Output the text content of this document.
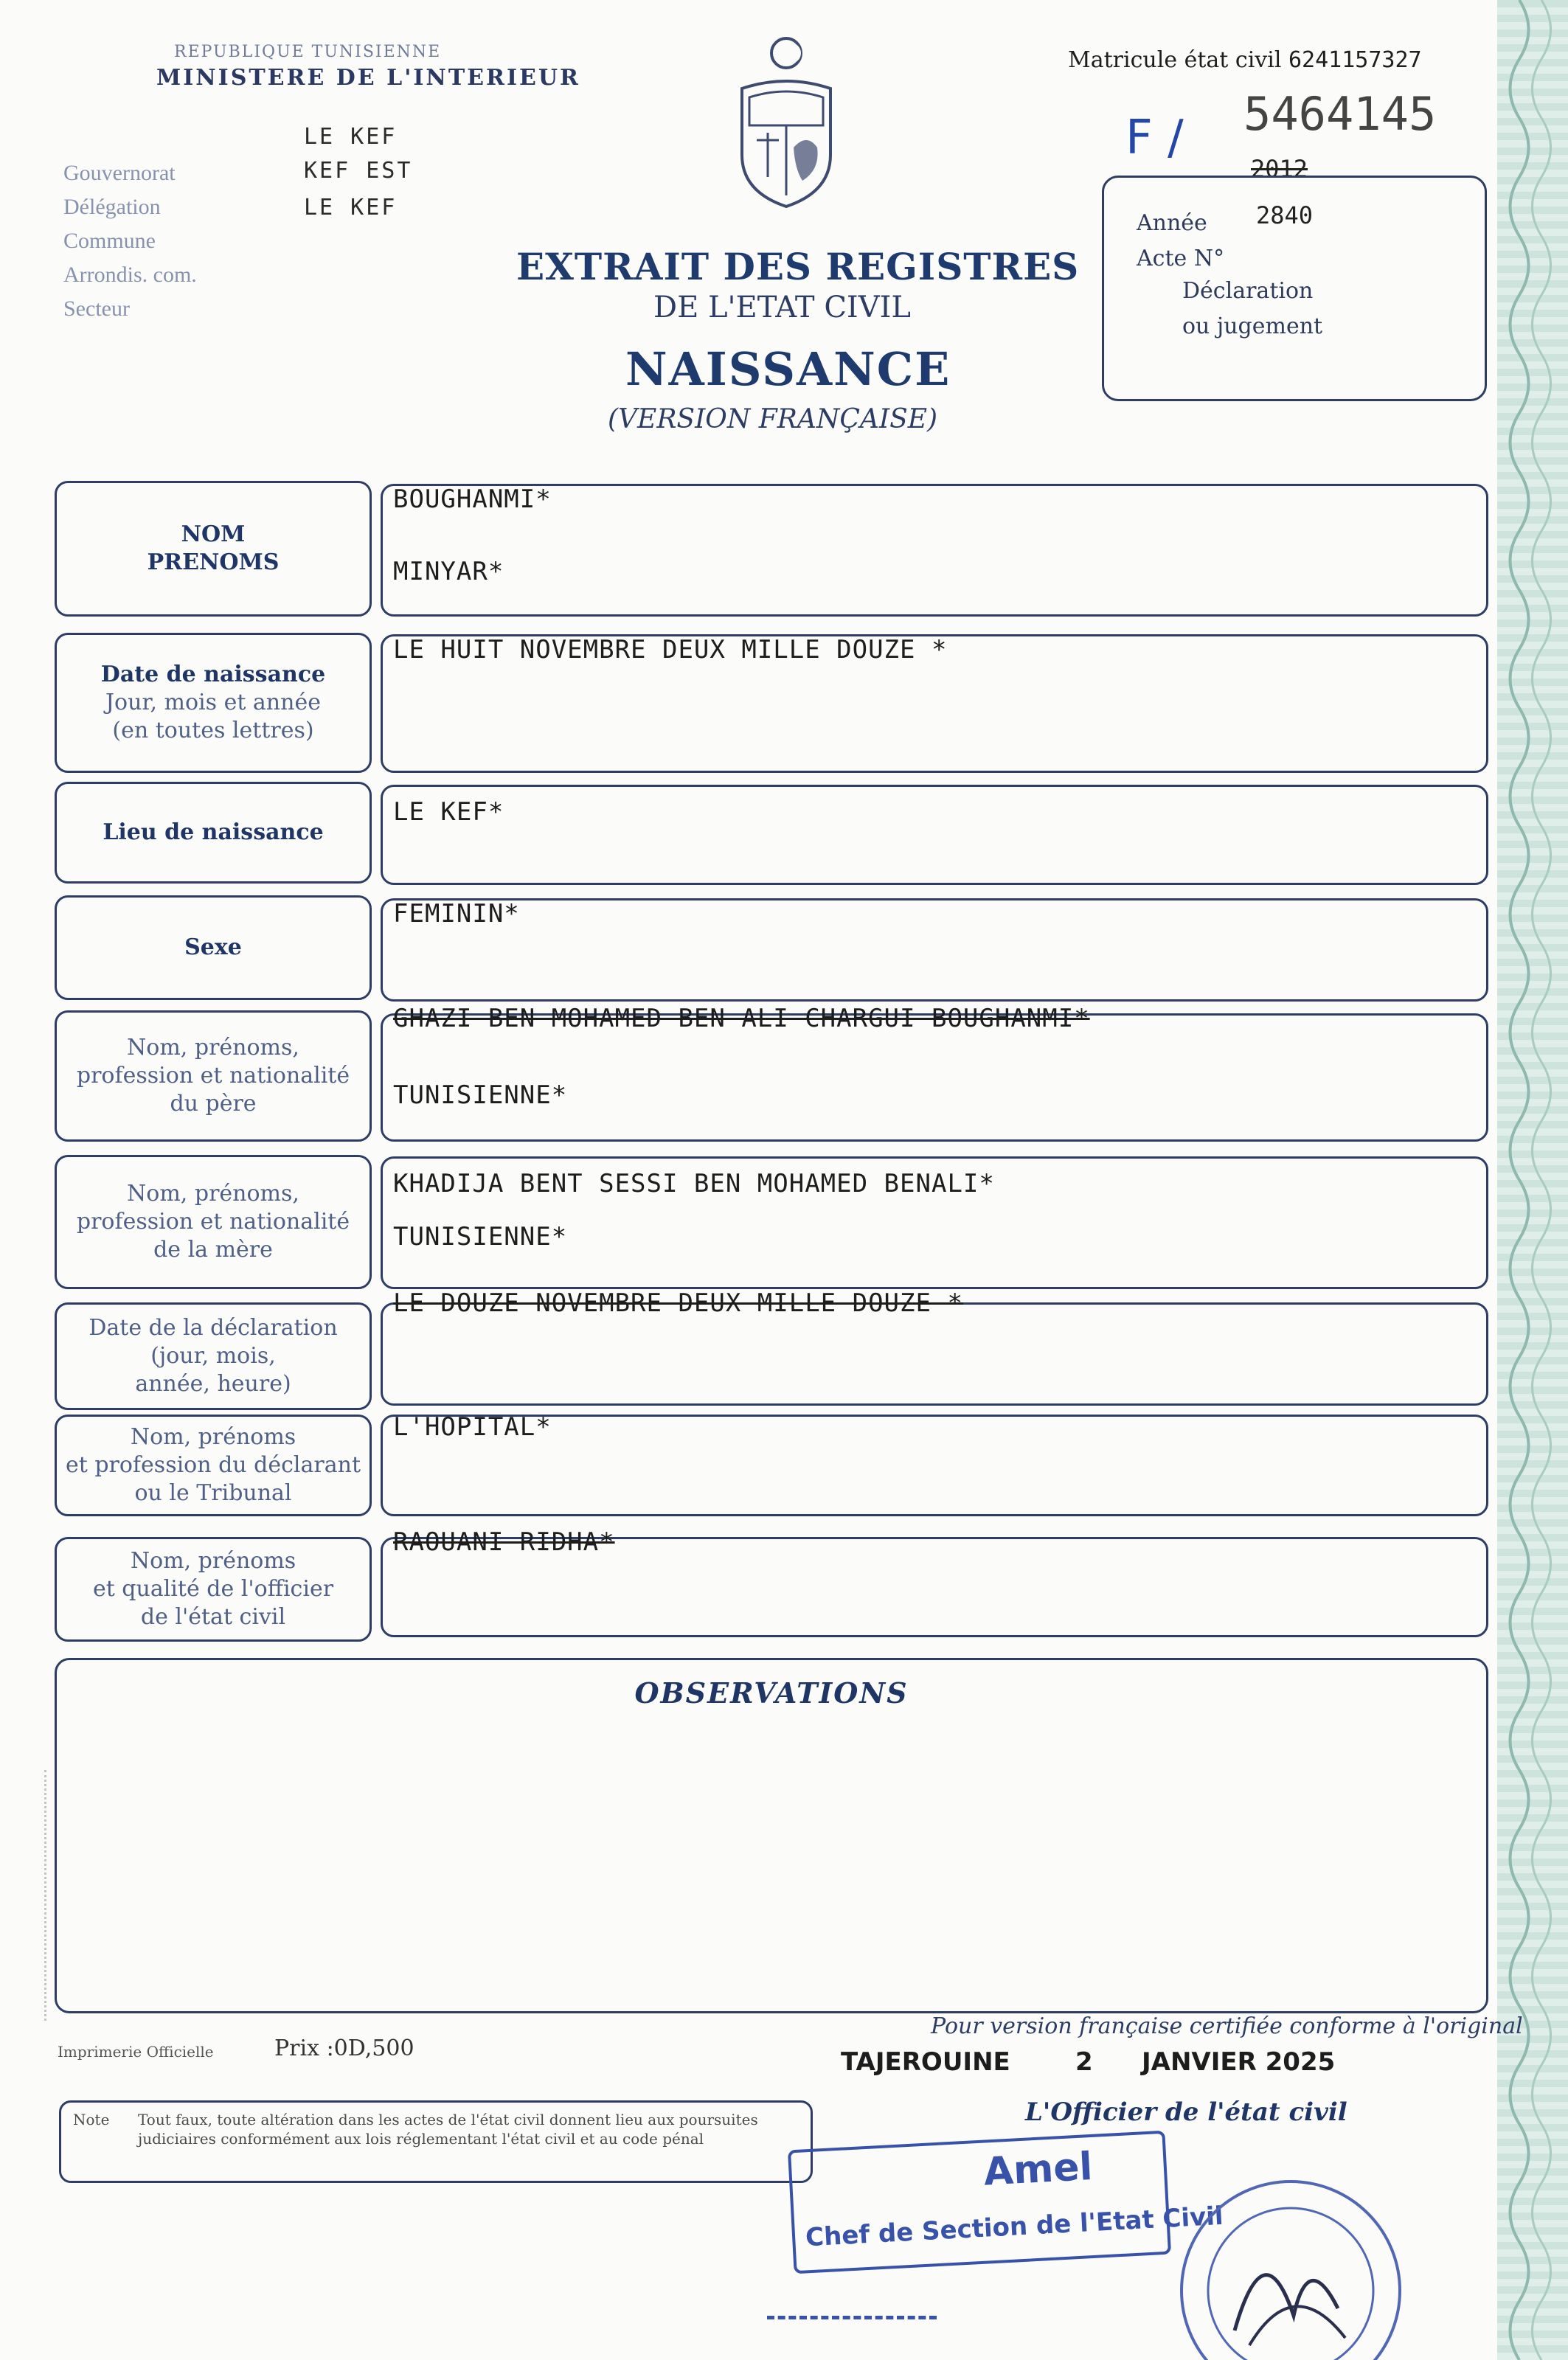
REPUBLIQUE TUNISIENNE
MINISTERE DE L'INTERIEUR
Gouvernorat
Délégation
Commune
Arrondis. com.
Secteur
LE KEF
KEF EST
LE KEF
Matricule état civil 6241157327
F / 5464145
2012
Année 2840
Acte N°
Déclaration
ou jugement
EXTRAIT DES REGISTRES
DE L'ETAT CIVIL
NAISSANCE
(VERSION FRANÇAISE)
NOM
PRENOMS
BOUGHANMI*
MINYAR*
Date de naissance
Jour, mois et année
(en toutes lettres)
LE HUIT NOVEMBRE DEUX MILLE DOUZE *
Lieu de naissance
LE KEF*
Sexe
FEMININ*
Nom, prénoms,
profession et nationalité
du père
GHAZI BEN MOHAMED BEN ALI CHARGUI BOUGHANMI*
TUNISIENNE*
Nom, prénoms,
profession et nationalité
de la mère
KHADIJA BENT SESSI BEN MOHAMED BENALI*
TUNISIENNE*
Date de la déclaration
(jour, mois,
année, heure)
LE DOUZE NOVEMBRE DEUX MILLE DOUZE *
Nom, prénoms
et profession du déclarant
ou le Tribunal
L'HOPITAL*
Nom, prénoms
et qualité de l'officier
de l'état civil
RAOUANI RIDHA*
OBSERVATIONS
Imprimerie Officielle	Prix :0D,500
Pour version française certifiée conforme à l'original
TAJEROUINE	2 JANVIER 2025
L'Officier de l'état civil
Note Tout faux, toute altération dans les actes de l'état civil donnent lieu aux poursuites judiciaires conformément aux lois réglementant l'état civil et au code pénal
Amel
Chef de Section de l'Etat Civil
